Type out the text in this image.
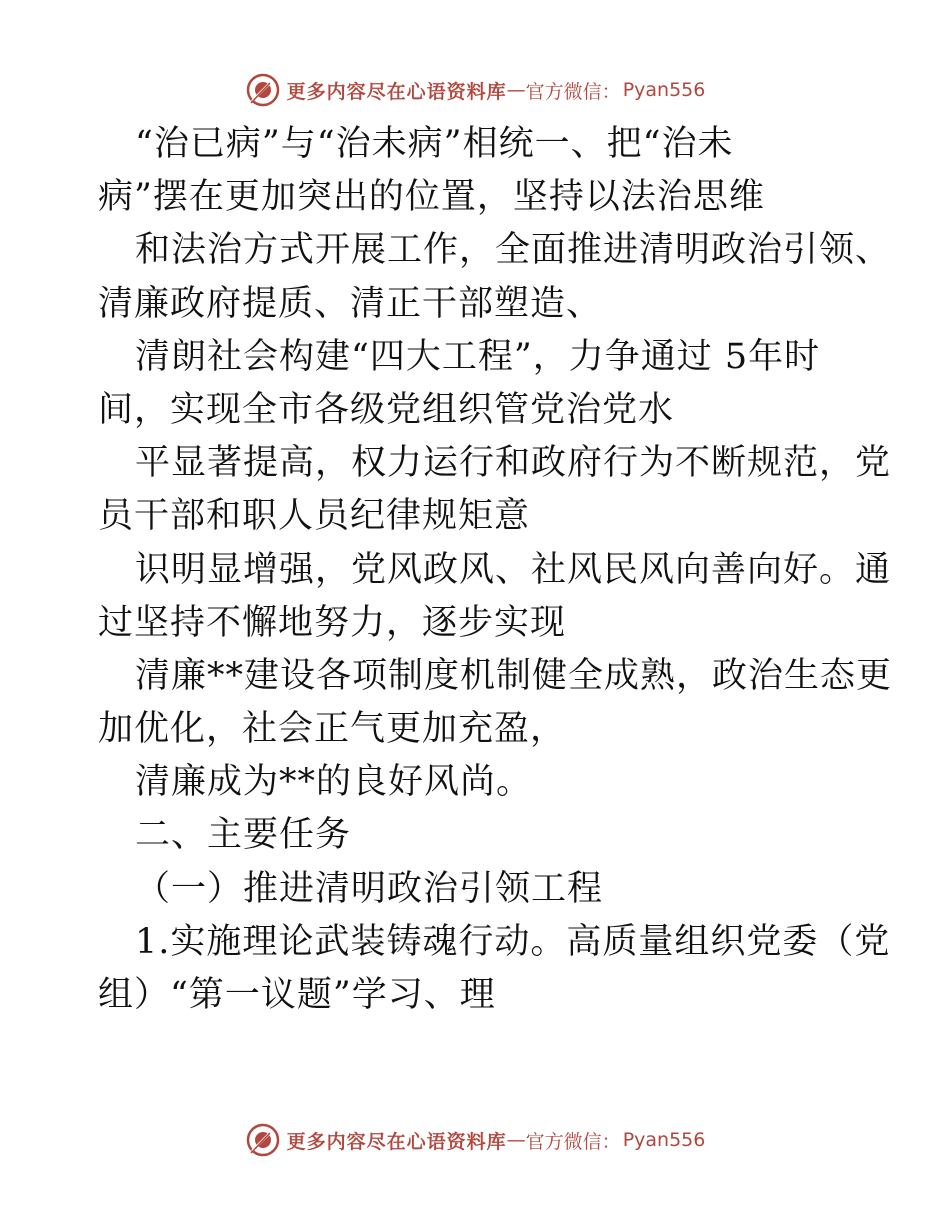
更多内容尽在心语资料库 — 官方微信： Pyan556
“治已病”与“治未病”相统一、把“治未
病”摆在更加突出的位置，坚持以法治思维
和法治方式开展工作，全面推进清明政治引领、
清廉政府提质、清正干部塑造、
清朗社会构建“四大工程”，力争通过 5年时
间，实现全市各级党组织管党治党水
平显著提高，权力运行和政府行为不断规范，党
员干部和职人员纪律规矩意
识明显增强，党风政风、社风民风向善向好。通
过坚持不懈地努力，逐步实现
清廉**建设各项制度机制健全成熟，政治生态更
加优化，社会正气更加充盈，
清廉成为**的良好风尚。
二、主要任务
（一）推进清明政治引领工程
1.实施理论武装铸魂行动。高质量组织党委（党
组）“第一议题”学习、理
更多内容尽在心语资料库 — 官方微信： Pyan556
